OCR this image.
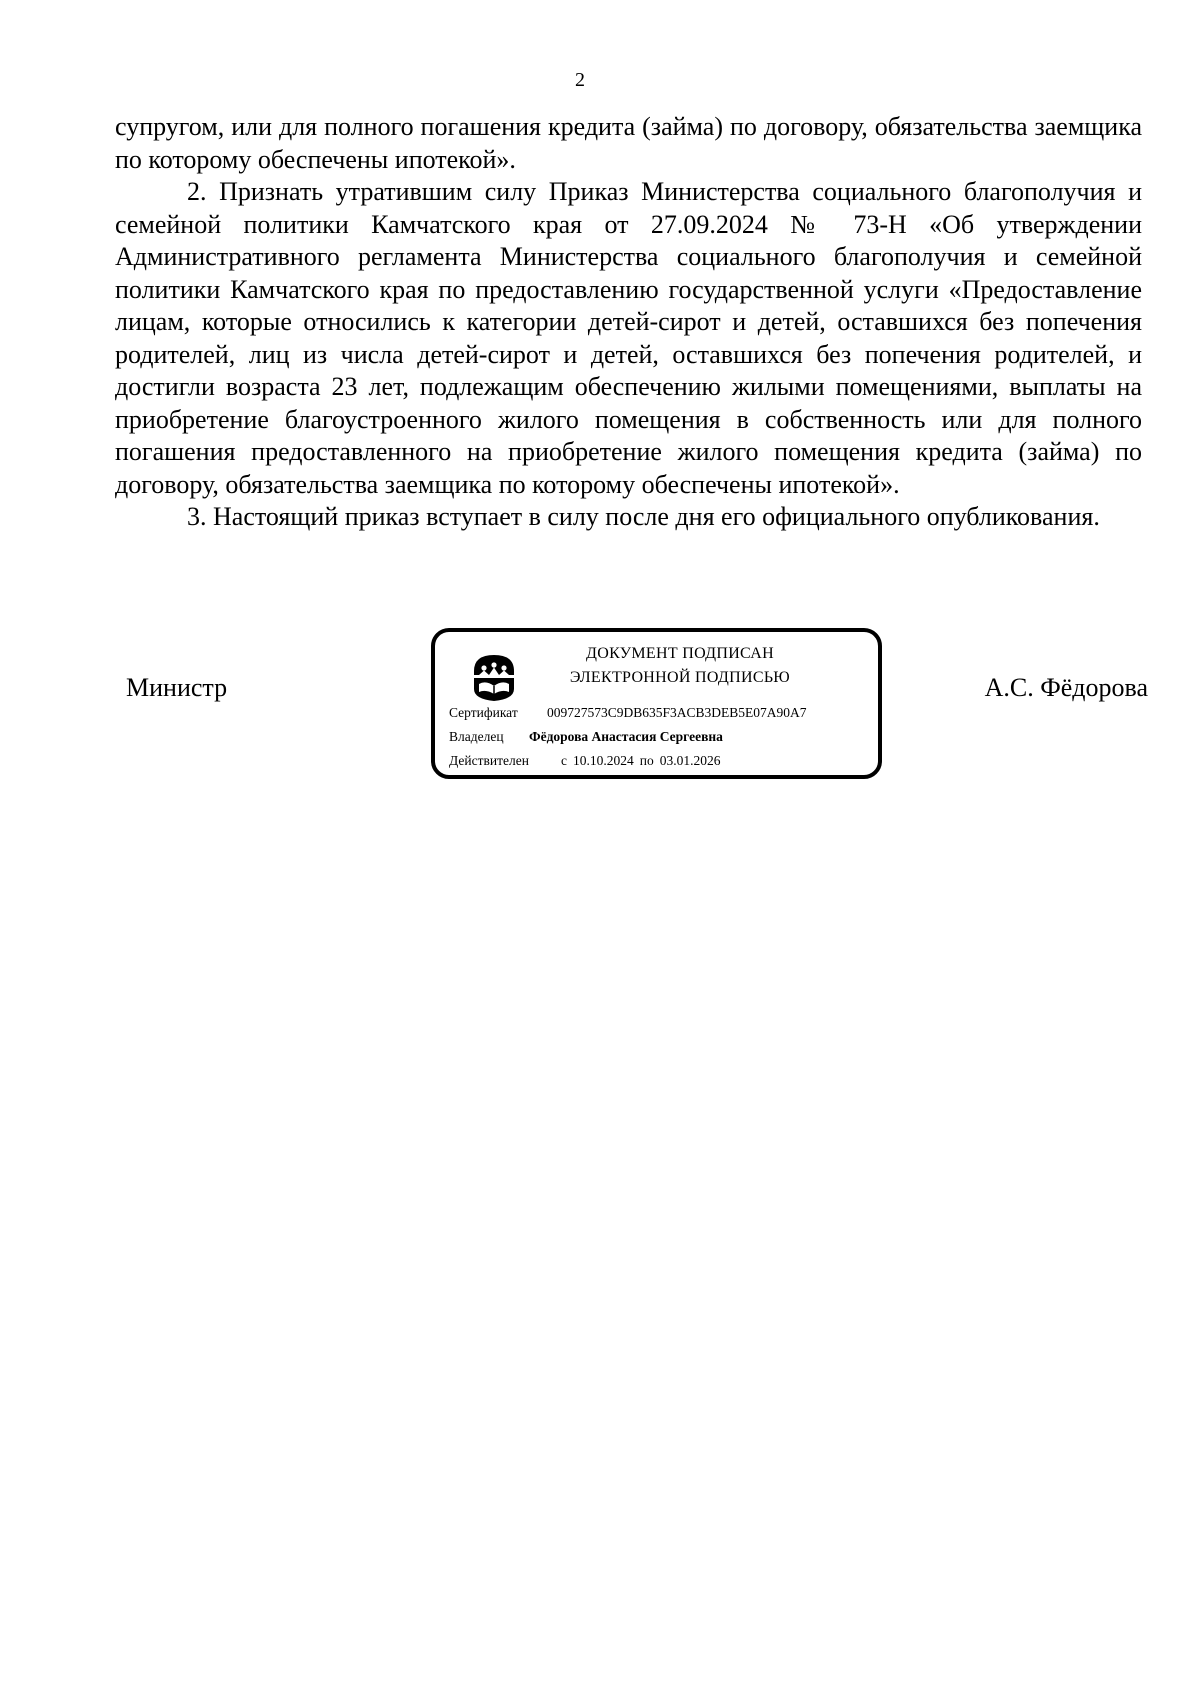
2

супругом, или для полного погашения кредита (займа) по договору, обязательства заемщика по которому обеспечены ипотекой».

2. Признать утратившим силу Приказ Министерства социального благополучия и семейной политики Камчатского края от 27.09.2024 № 73-Н «Об утверждении Административного регламента Министерства социального благополучия и семейной политики Камчатского края по предоставлению государственной услуги «Предоставление лицам, которые относились к категории детей-сирот и детей, оставшихся без попечения родителей, лиц из числа детей-сирот и детей, оставшихся без попечения родителей, и достигли возраста 23 лет, подлежащим обеспечению жилыми помещениями, выплаты на приобретение благоустроенного жилого помещения в собственность или для полного погашения предоставленного на приобретение жилого помещения кредита (займа) по договору, обязательства заемщика по которому обеспечены ипотекой».

3. Настоящий приказ вступает в силу после дня его официального опубликования.

Министр
ДОКУМЕНТ ПОДПИСАН
ЭЛЕКТРОННОЙ ПОДПИСЬЮ
Сертификат 009727573C9DB635F3ACB3DEB5E07A90A7
Владелец Фёдорова Анастасия Сергеевна
Действителен с 10.10.2024 по 03.01.2026
А.С. Фёдорова
